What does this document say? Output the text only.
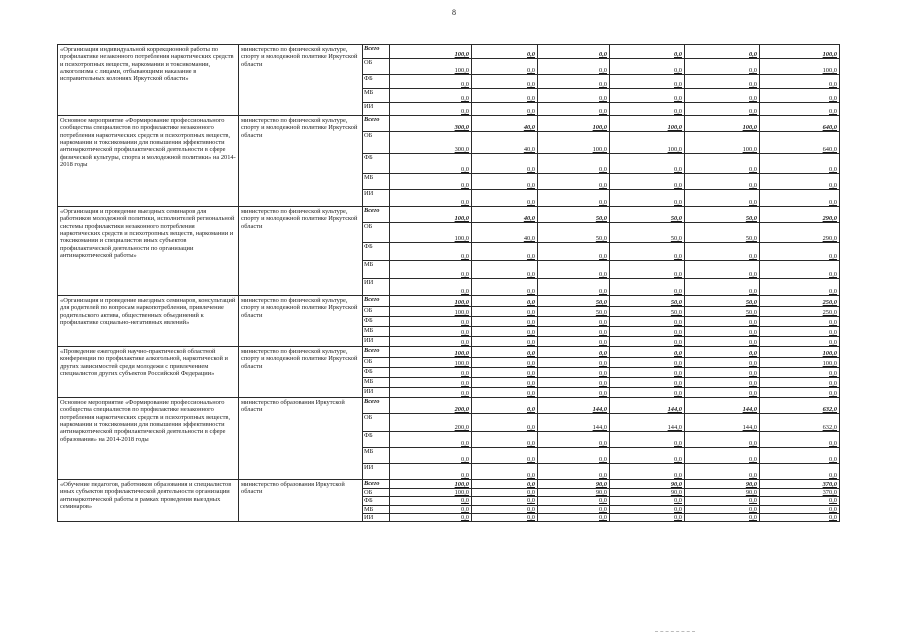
8
«Организация индивидуальной коррекционной работы по профилактике незаконного потребления наркотических средств и психотропных веществ, наркомании и токсикомании, алкоголизма с лицами, отбывающими наказание в исправительных колониях Иркутской области»	министерство по физической культуре, спорту и молодежной политике Иркутской области	Всего	100,0	0,0	0,0	0,0	0,0	100,0
		ОБ	100,0	0,0	0,0	0,0	0,0	100,0
		ФБ	0,0	0,0	0,0	0,0	0,0	0,0
		МБ	0,0	0,0	0,0	0,0	0,0	0,0
		ИИ	0,0	0,0	0,0	0,0	0,0	0,0
Основное мероприятие «Формирование профессионального сообщества специалистов по профилактике незаконного потребления наркотических средств и психотропных веществ, наркомании и токсикомании для повышения эффективности антинаркотической профилактической деятельности в сфере физической культуры, спорта и молодежной политики» на 2014-2018 годы	министерство по физической культуре, спорту и молодежной политике Иркутской области	Всего	300,0	40,0	100,0	100,0	100,0	640,0
		ОБ	300,0	40,0	100,0	100,0	100,0	640,0
		ФБ	0,0	0,0	0,0	0,0	0,0	0,0
		МБ	0,0	0,0	0,0	0,0	0,0	0,0
		ИИ	0,0	0,0	0,0	0,0	0,0	0,0
«Организация и проведение выездных семинаров для работников молодежной политики, исполнителей региональной системы профилактики незаконного потребления наркотических средств и психотропных веществ, наркомании и токсикомании и специалистов иных субъектов профилактической деятельности по организации антинаркотической работы»	министерство по физической культуре, спорту и молодежной политике Иркутской области	Всего	100,0	40,0	50,0	50,0	50,0	290,0
		ОБ	100,0	40,0	50,0	50,0	50,0	290,0
		ФБ	0,0	0,0	0,0	0,0	0,0	0,0
		МБ	0,0	0,0	0,0	0,0	0,0	0,0
		ИИ	0,0	0,0	0,0	0,0	0,0	0,0
«Организация и проведение выездных семинаров, консультаций для родителей по вопросам наркопотребления, привлечение родительского актива, общественных объединений к профилактике социально-негативных явлений»	министерство по физической культуре, спорту и молодежной политике Иркутской области	Всего	100,0	0,0	50,0	50,0	50,0	250,0
		ОБ	100,0	0,0	50,0	50,0	50,0	250,0
		ФБ	0,0	0,0	0,0	0,0	0,0	0,0
		МБ	0,0	0,0	0,0	0,0	0,0	0,0
		ИИ	0,0	0,0	0,0	0,0	0,0	0,0
«Проведение ежегодной научно-практической областной конференции по профилактике алкогольной, наркотической и других зависимостей среди молодежи с привлечением специалистов других субъектов Российской Федерации»	министерство по физической культуре, спорту и молодежной политике Иркутской области	Всего	100,0	0,0	0,0	0,0	0,0	100,0
		ОБ	100,0	0,0	0,0	0,0	0,0	100,0
		ФБ	0,0	0,0	0,0	0,0	0,0	0,0
		МБ	0,0	0,0	0,0	0,0	0,0	0,0
		ИИ	0,0	0,0	0,0	0,0	0,0	0,0
Основное мероприятие «Формирование профессионального сообщества специалистов по профилактике незаконного потребления наркотических средств и психотропных веществ, наркомании и токсикомании для повышения эффективности антинаркотической профилактической деятельности в сфере образования» на 2014-2018 годы	министерство образования Иркутской области	Всего	200,0	0,0	144,0	144,0	144,0	632,0
		ОБ	200,0	0,0	144,0	144,0	144,0	632,0
		ФБ	0,0	0,0	0,0	0,0	0,0	0,0
		МБ	0,0	0,0	0,0	0,0	0,0	0,0
		ИИ	0,0	0,0	0,0	0,0	0,0	0,0
«Обучение педагогов, работников образования и специалистов иных субъектов профилактической деятельности организации антинаркотической работы в рамках проведения выездных семинаров»	министерство образования Иркутской области	Всего	100,0	0,0	90,0	90,0	90,0	370,0
		ОБ	100,0	0,0	90,0	90,0	90,0	370,0
		ФБ	0,0	0,0	0,0	0,0	0,0	0,0
		МБ	0,0	0,0	0,0	0,0	0,0	0,0
		ИИ	0,0	0,0	0,0	0,0	0,0	0,0
